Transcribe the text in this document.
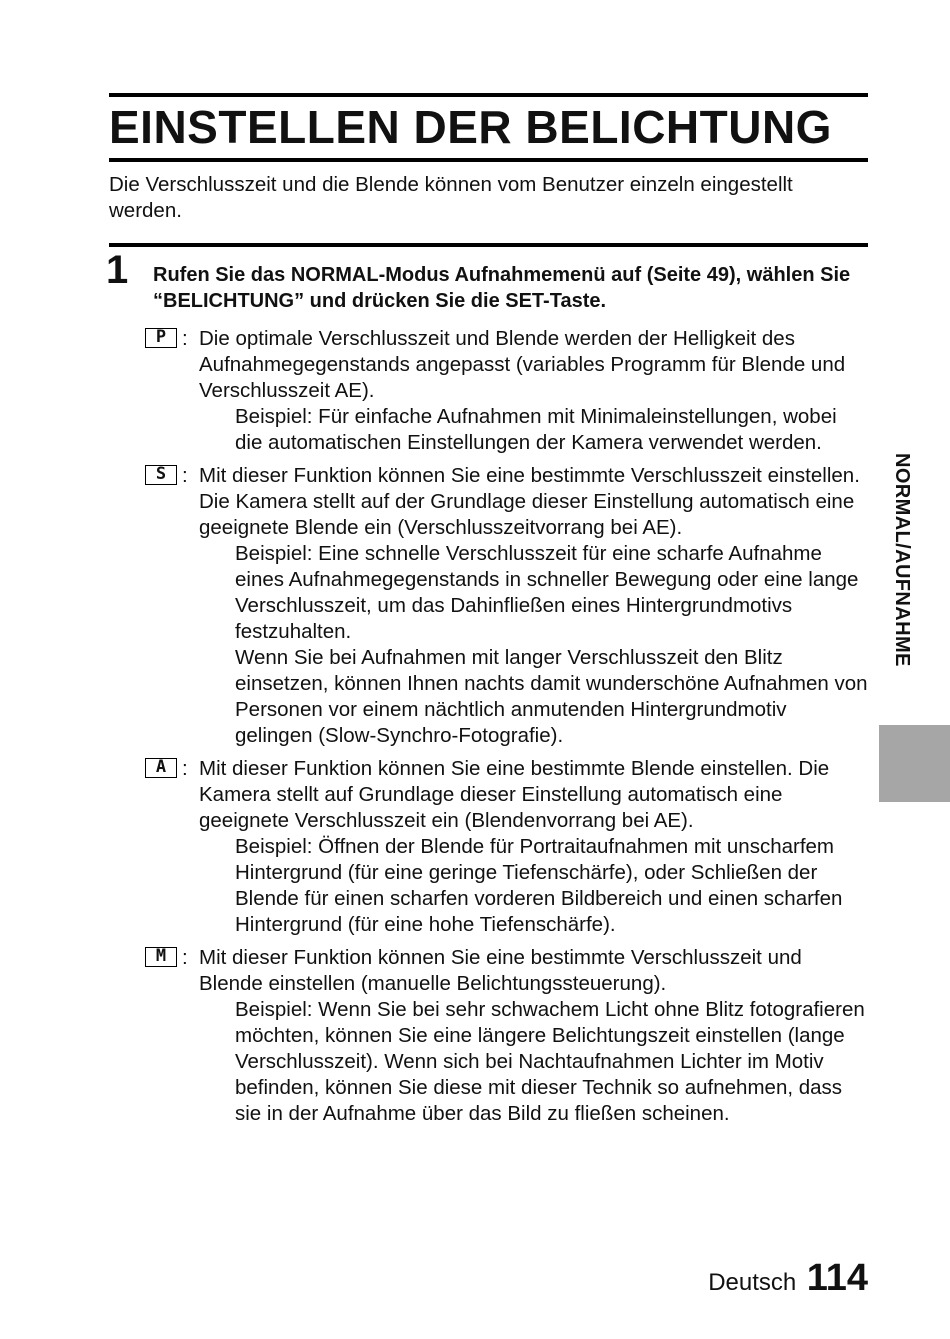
EINSTELLEN DER BELICHTUNG

Die Verschlusszeit und die Blende können vom Benutzer einzeln eingestellt werden.

1 Rufen Sie das NORMAL-Modus Aufnahmemenü auf (Seite 49), wählen Sie “BELICHTUNG” und drücken Sie die SET-Taste.
P : Die optimale Verschlusszeit und Blende werden der Helligkeit des Aufnahmegegenstands angepasst (variables Programm für Blende und Verschlusszeit AE).
Beispiel: Für einfache Aufnahmen mit Minimaleinstellungen, wobei die automatischen Einstellungen der Kamera verwendet werden.
S : Mit dieser Funktion können Sie eine bestimmte Verschlusszeit einstellen. Die Kamera stellt auf der Grundlage dieser Einstellung automatisch eine geeignete Blende ein (Verschlusszeitvorrang bei AE).
Beispiel: Eine schnelle Verschlusszeit für eine scharfe Aufnahme eines Aufnahmegegenstands in schneller Bewegung oder eine lange Verschlusszeit, um das Dahinfließen eines Hintergrundmotivs festzuhalten.
Wenn Sie bei Aufnahmen mit langer Verschlusszeit den Blitz einsetzen, können Ihnen nachts damit wunderschöne Aufnahmen von Personen vor einem nächtlich anmutenden Hintergrundmotiv gelingen (Slow-Synchro-Fotografie).
A : Mit dieser Funktion können Sie eine bestimmte Blende einstellen. Die Kamera stellt auf Grundlage dieser Einstellung automatisch eine geeignete Verschlusszeit ein (Blendenvorrang bei AE).
Beispiel: Öffnen der Blende für Portraitaufnahmen mit unscharfem Hintergrund (für eine geringe Tiefenschärfe), oder Schließen der Blende für einen scharfen vorderen Bildbereich und einen scharfen Hintergrund (für eine hohe Tiefenschärfe).
M : Mit dieser Funktion können Sie eine bestimmte Verschlusszeit und Blende einstellen (manuelle Belichtungssteuerung).
Beispiel: Wenn Sie bei sehr schwachem Licht ohne Blitz fotografieren möchten, können Sie eine längere Belichtungszeit einstellen (lange Verschlusszeit). Wenn sich bei Nachtaufnahmen Lichter im Motiv befinden, können Sie diese mit dieser Technik so aufnehmen, dass sie in der Aufnahme über das Bild zu fließen scheinen.
NORMAL/AUFNAHME
Deutsch 114
